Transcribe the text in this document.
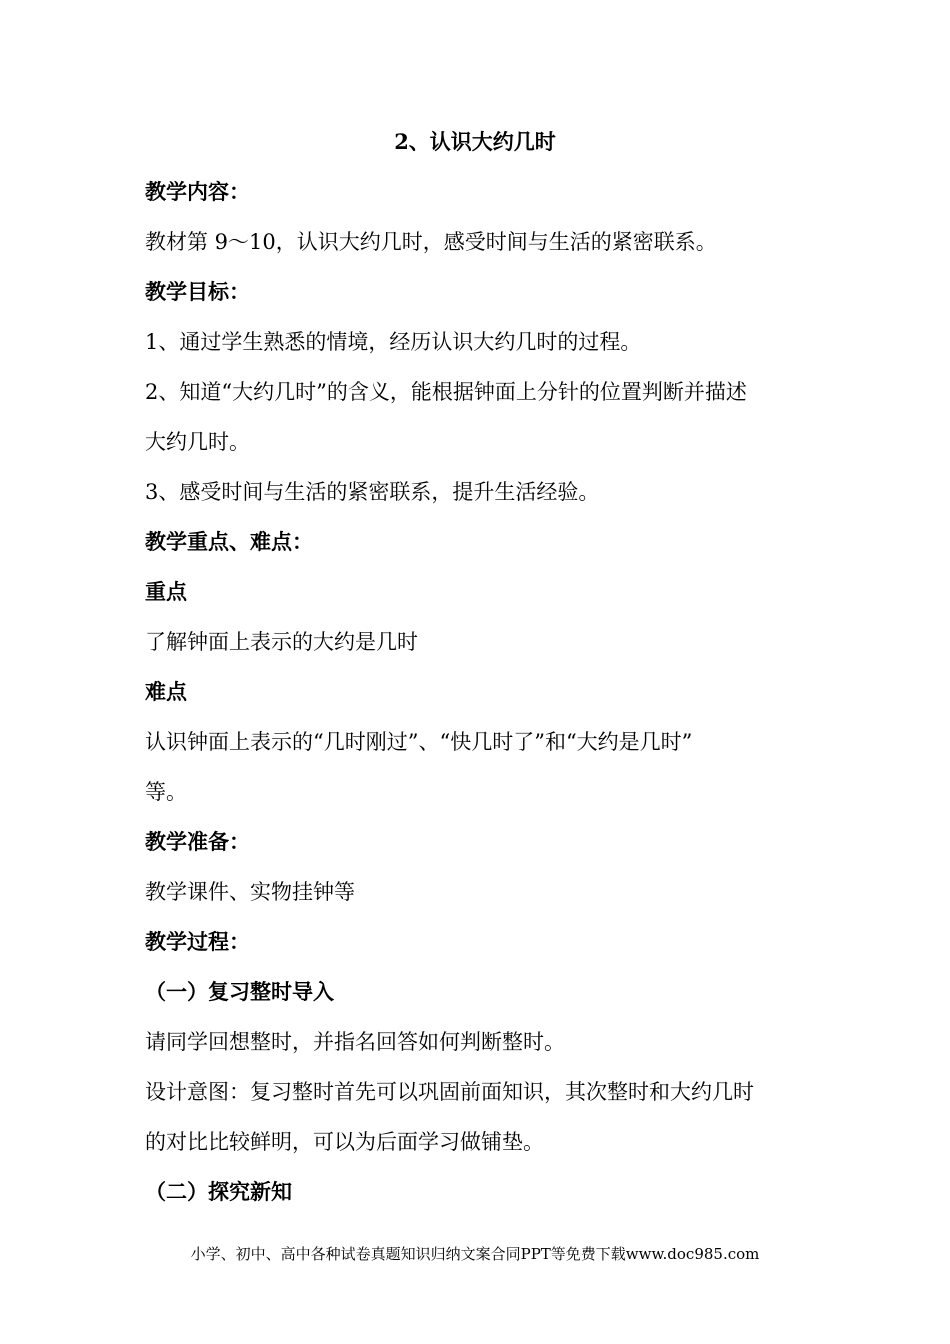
2、认识大约几时
教学内容：
教材第 9～10，认识大约几时，感受时间与生活的紧密联系。
教学目标：
1、通过学生熟悉的情境，经历认识大约几时的过程。
2、知道“大约几时”的含义，能根据钟面上分针的位置判断并描述
大约几时。
3、感受时间与生活的紧密联系，提升生活经验。
教学重点、难点：
重点
了解钟面上表示的大约是几时
难点
认识钟面上表示的“几时刚过”、“快几时了”和“大约是几时”
等。
教学准备：
教学课件、实物挂钟等
教学过程：
（一）复习整时导入
请同学回想整时，并指名回答如何判断整时。
设计意图：复习整时首先可以巩固前面知识，其次整时和大约几时
的对比比较鲜明，可以为后面学习做铺垫。
（二）探究新知
小学、初中、高中各种试卷真题知识归纳文案合同PPT等免费下载www.doc985.com
